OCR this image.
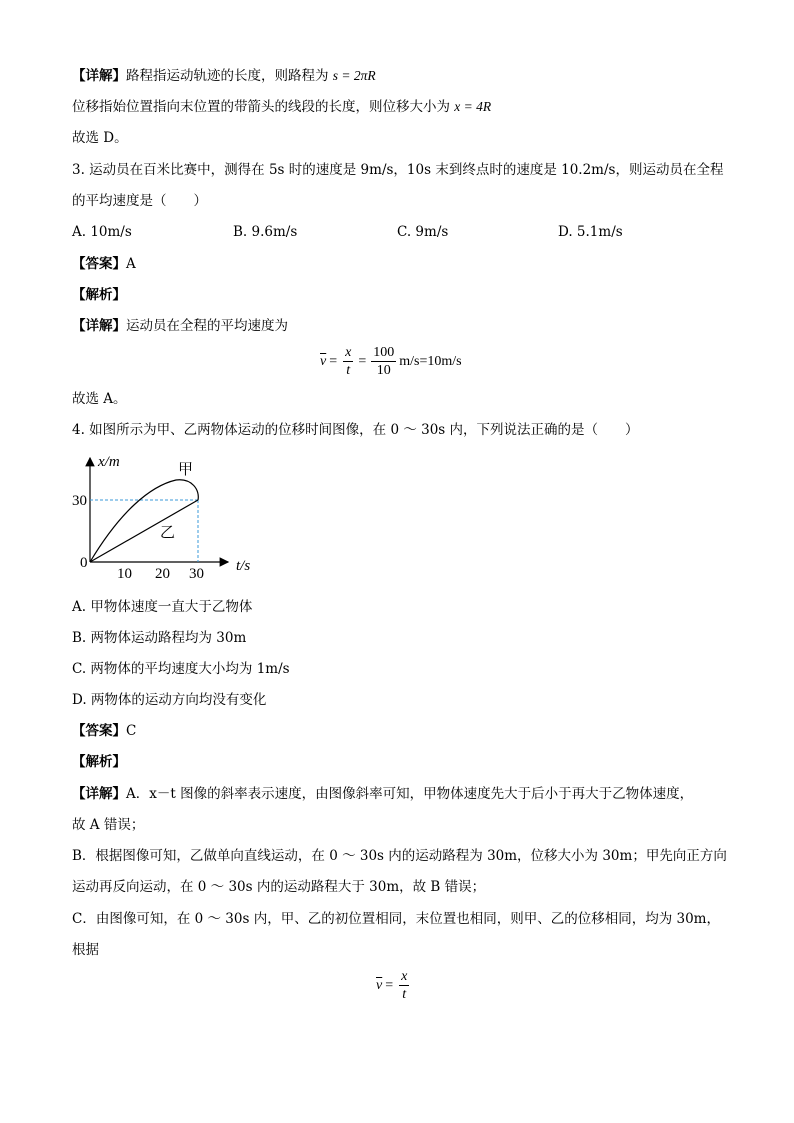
【详解】路程指运动轨迹的长度，则路程为 s = 2πR
位移指始位置指向末位置的带箭头的线段的长度，则位移大小为 x = 4R
故选 D。
3. 运动员在百米比赛中，测得在 5s 时的速度是 9m/s，10s 末到终点时的速度是 10.2m/s，则运动员在全程
的平均速度是（　　）
A. 10m/s	B. 9.6m/s	C. 9m/s	D. 5.1m/s
【答案】A
【解析】
【详解】运动员在全程的平均速度为
$\overline{v} = \frac{x}{t} = \frac{100}{10} m/s=10m/s$
故选 A。
4. 如图所示为甲、乙两物体运动的位移时间图像，在 0 ～ 30s 内，下列说法正确的是（　　）
x/m
t/s
0
30
10 20 30
甲
乙
A. 甲物体速度一直大于乙物体
B. 两物体运动路程均为 30m
C. 两物体的平均速度大小均为 1m/s
D. 两物体的运动方向均没有变化
【答案】C
【解析】
【详解】A．x－t 图像的斜率表示速度，由图像斜率可知，甲物体速度先大于后小于再大于乙物体速度，
故 A 错误；
B．根据图像可知，乙做单向直线运动，在 0 ～ 30s 内的运动路程为 30m，位移大小为 30m；甲先向正方向
运动再反向运动，在 0 ～ 30s 内的运动路程大于 30m，故 B 错误；
C．由图像可知，在 0 ～ 30s 内，甲、乙的初位置相同，末位置也相同，则甲、乙的位移相同，均为 30m，
根据
$\overline{v} = \frac{x}{t}$
